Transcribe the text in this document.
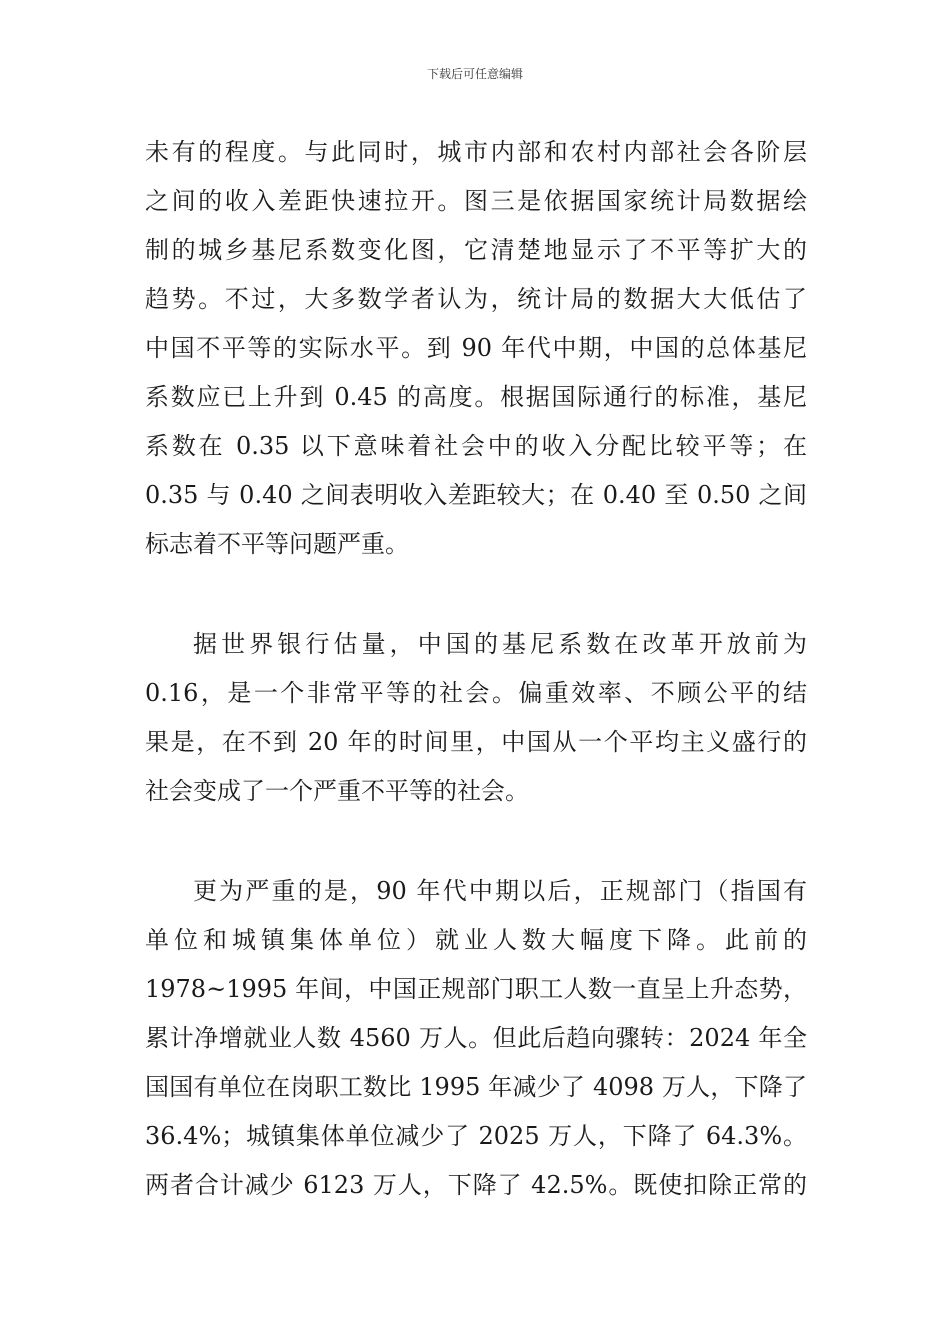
下载后可任意编辑
未有的程度。与此同时，城市内部和农村内部社会各阶层
之间的收入差距快速拉开。图三是依据国家统计局数据绘
制的城乡基尼系数变化图，它清楚地显示了不平等扩大的
趋势。不过，大多数学者认为，统计局的数据大大低估了
中国不平等的实际水平。到 90 年代中期，中国的总体基尼
系数应已上升到 0.45 的高度。根据国际通行的标准，基尼
系数在 0.35 以下意味着社会中的收入分配比较平等；在
0.35 与 0.40 之间表明收入差距较大；在 0.40 至 0.50 之间
标志着不平等问题严重。
据世界银行估量，中国的基尼系数在改革开放前为
0.16，是一个非常平等的社会。偏重效率、不顾公平的结
果是，在不到 20 年的时间里，中国从一个平均主义盛行的
社会变成了一个严重不平等的社会。
更为严重的是，90 年代中期以后，正规部门（指国有
单位和城镇集体单位）就业人数大幅度下降。此前的
1978~1995 年间，中国正规部门职工人数一直呈上升态势，
累计净增就业人数 4560 万人。但此后趋向骤转：2024 年全
国国有单位在岗职工数比 1995 年减少了 4098 万人，下降了
36.4%；城镇集体单位减少了 2025 万人，下降了 64.3%。
两者合计减少 6123 万人，下降了 42.5%。既使扣除正常的
